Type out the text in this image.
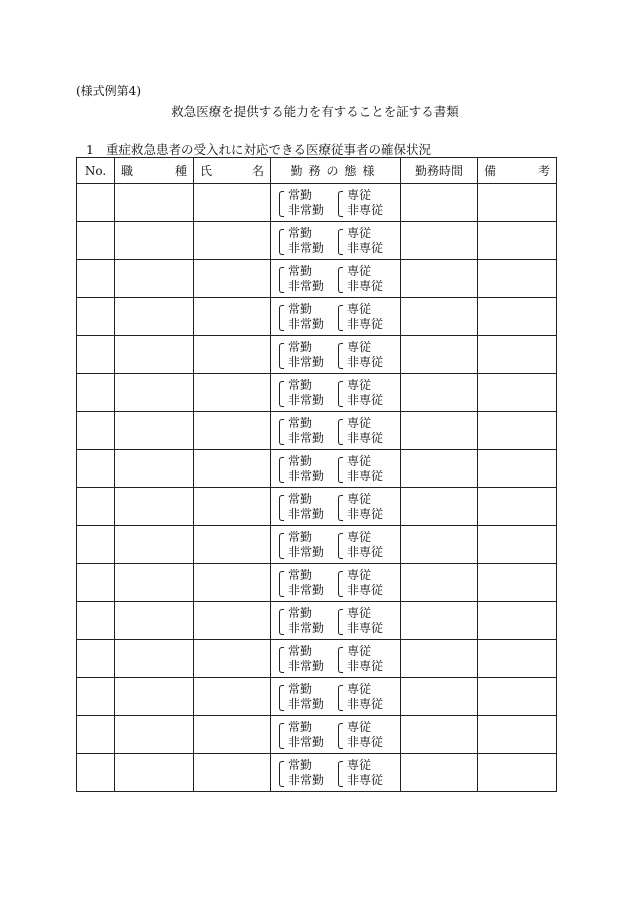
(様式例第4)
救急医療を提供する能力を有することを証する書類
1 重症救急患者の受入れに対応できる医療従事者の確保状況
No.	職 種	氏 名	勤務の態様	勤務時間	備 考

			常勤
非常勤
専従
非専従		

			常勤
非常勤
専従
非専従		

			常勤
非常勤
専従
非専従		

			常勤
非常勤
専従
非専従		

			常勤
非常勤
専従
非専従		

			常勤
非常勤
専従
非専従		

			常勤
非常勤
専従
非専従		

			常勤
非常勤
専従
非専従		

			常勤
非常勤
専従
非専従		

			常勤
非常勤
専従
非専従		

			常勤
非常勤
専従
非専従		

			常勤
非常勤
専従
非専従		

			常勤
非常勤
専従
非専従		

			常勤
非常勤
専従
非専従		

			常勤
非常勤
専従
非専従		

			常勤
非常勤
専従
非専従		
